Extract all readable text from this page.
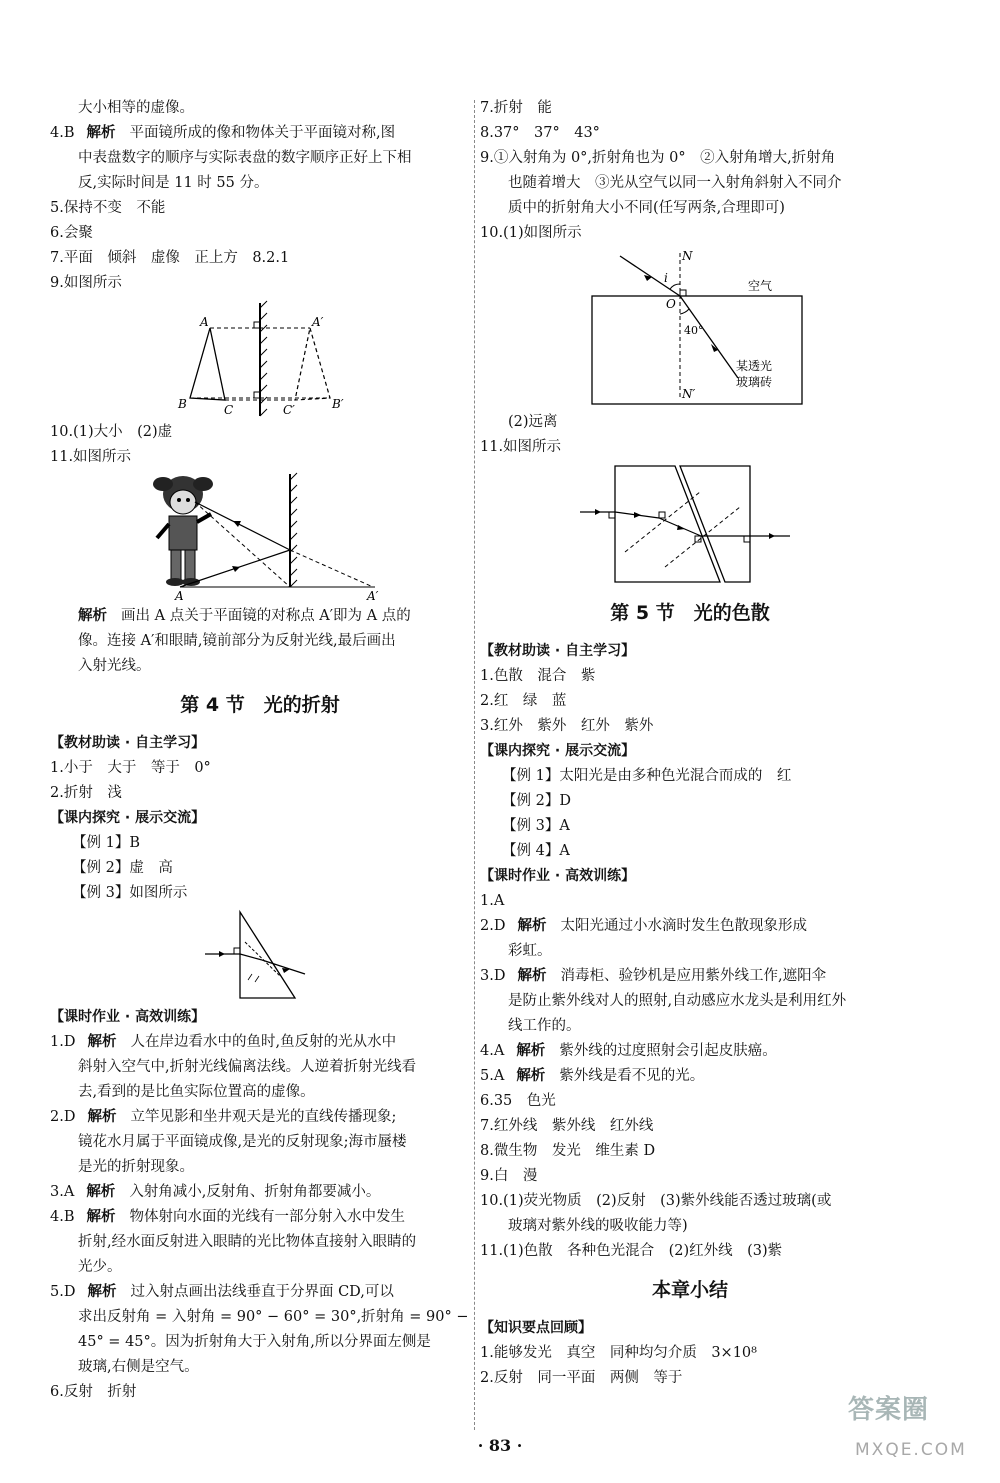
大小相等的虚像。
4.B 解析 平面镜所成的像和物体关于平面镜对称,图
中表盘数字的顺序与实际表盘的数字顺序正好上下相
反,实际时间是 11 时 55 分。
5.保持不变　不能
6.会聚
7.平面　倾斜　虚像　正上方　8.2.1
9.如图所示
A
B	C
A′
B′
C′
10.(1)大小　(2)虚
11.如图所示
A	A′
解析 画出 A 点关于平面镜的对称点 A′即为 A 点的
像。连接 A′和眼睛,镜前部分为反射光线,最后画出
入射光线。
第 4 节　光的折射
【教材助读 · 自主学习】
1.小于　大于　等于　0°
2.折射　浅
【课内探究 · 展示交流】
【例 1】B
【例 2】虚　高
【例 3】如图所示
【课时作业 · 高效训练】
1.D 解析 人在岸边看水中的鱼时,鱼反射的光从水中
斜射入空气中,折射光线偏离法线。人逆着折射光线看
去,看到的是比鱼实际位置高的虚像。
2.D 解析 立竿见影和坐井观天是光的直线传播现象;
镜花水月属于平面镜成像,是光的反射现象;海市蜃楼
是光的折射现象。
3.A 解析 入射角减小,反射角、折射角都要减小。
4.B 解析 物体射向水面的光线有一部分射入水中发生
折射,经水面反射进入眼睛的光比物体直接射入眼睛的
光少。
5.D 解析 过入射点画出法线垂直于分界面 CD,可以
求出反射角 = 入射角 = 90° − 60° = 30°,折射角 = 90° −
45° = 45°。因为折射角大于入射角,所以分界面左侧是
玻璃,右侧是空气。
6.反射　折射
7.折射　能
8.37°　37°　43°
9.①入射角为 0°,折射角也为 0°　②入射角增大,折射角
也随着增大　③光从空气以同一入射角斜射入不同介
质中的折射角大小不同(任写两条,合理即可)
10.(1)如图所示
N
N′
i
O
40°
空气
某透光
玻璃砖
(2)远离
11.如图所示
第 5 节　光的色散
【教材助读 · 自主学习】
1.色散　混合　紫
2.红　绿　蓝
3.红外　紫外　红外　紫外
【课内探究 · 展示交流】
【例 1】太阳光是由多种色光混合而成的　红
【例 2】D
【例 3】A
【例 4】A
【课时作业 · 高效训练】
1.A
2.D 解析 太阳光通过小水滴时发生色散现象形成
彩虹。
3.D 解析 消毒柜、验钞机是应用紫外线工作,遮阳伞
是防止紫外线对人的照射,自动感应水龙头是利用红外
线工作的。
4.A 解析 紫外线的过度照射会引起皮肤癌。
5.A 解析 紫外线是看不见的光。
6.35　色光
7.红外线　紫外线　红外线
8.微生物　发光　维生素 D
9.白　漫
10.(1)荧光物质　(2)反射　(3)紫外线能否透过玻璃(或
玻璃对紫外线的吸收能力等)
11.(1)色散　各种色光混合　(2)红外线　(3)紫
本章小结
【知识要点回顾】
1.能够发光　真空　同种均匀介质　3×10⁸
2.反射　同一平面　两侧　等于
· 83 ·
答案圈
MXQE.COM
